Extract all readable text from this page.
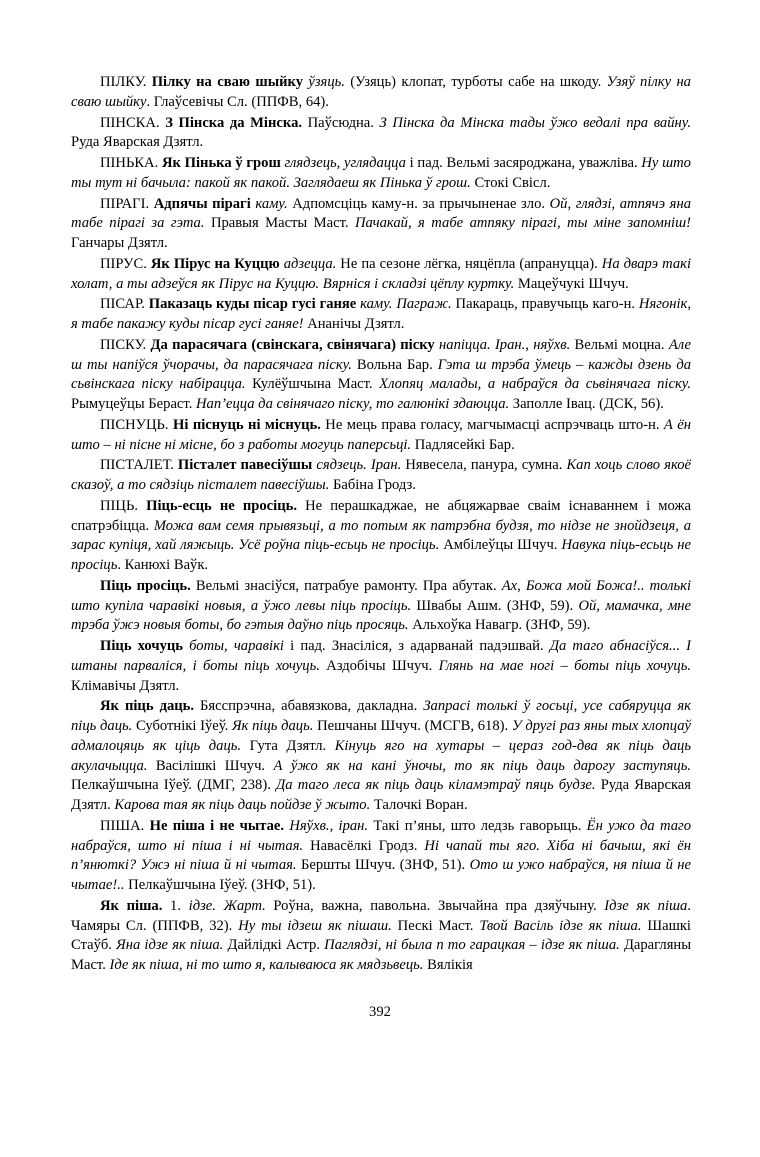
ПІЛКУ. Пілку на сваю шыйку ўзяць. (Узяць) клопат, турботы сабе на шкоду. Узяў пілку на сваю шыйку. Глаўсевічы Сл. (ППФВ, 64).

ПІНСКА. З Пінска да Мінска. Паўсюдна. З Пінска да Мінска тады ўжо ведалі пра вайну. Руда Яварская Дзятл.

ПІНЬКА. Як Пінька ў грош глядзець, углядацца і пад. Вельмі засяроджана, уважліва. Ну што ты тут ні бачыла: пакой як пакой. Заглядаеш як Пінька ў грош. Стокі Свісл.

ПІРАГІ. Адпячы пірагі каму. Адпомсціць каму-н. за прычыненае зло. Ой, глядзі, атпячэ яна табе пірагі за гэта. Правыя Масты Маст. Пачакай, я табе атпяку пірагі, ты міне запомніш! Ганчары Дзятл.

ПІРУС. Як Пірус на Куццю адзецца. Не па сезоне лёгка, няцёпла (апрануцца). На дварэ такі холат, а ты адзеўся як Пірус на Куццю. Вярніся і складзі цёплу куртку. Мацеўчукі Шчуч.

ПІСАР. Паказаць куды пісар гусі ганяе каму. Паграж. Пакараць, правучыць каго-н. Нягонік, я табе пакажу куды пісар гусі ганяе! Ананічы Дзятл.

ПІСКУ. Да парасячага (свінскага, свінячага) піску напіцца. Іран., няўхв. Вельмі моцна. Але ш ты напіўся ўчорачы, да парасячага піску. Вольна Бар. Гэта ш трэба ўмець – кажды дзень да сьвінскага піску набірацца. Кулёўшчына Маст. Хлопяц малады, а набраўся да сьвінячага піску. Рымуцеўцы Бераст. Нап’ецца да свінячаго піску, то галюнікі здаюцца. Заполле Івац. (ДСК, 56).

ПІСНУЦЬ. Ні піснуць ні міснуць. Не мець права голасу, магчымасці аспрэчваць што-н. А ён што – ні пісне ні місне, бо з работы могуць паперсьці. Падлясейкі Бар.

ПІСТАЛЕТ. Пісталет павесіўшы сядзець. Іран. Нявесела, панура, сумна. Кап хоць слово якоё сказоў, а то сядзіць пісталет павесіўшы. Бабіна Гродз.

ПІЦЬ. Піць-есць не просіць. Не перашкаджае, не абцяжарвае сваім існаваннем і можа спатрэбіцца. Можа вам семя прывязьці, а то потым як патрэбна будзя, то нідзе не знойдзеця, а зарас купіця, хай ляжыць. Усё роўна піць-есьць не просіць. Амбілеўцы Шчуч. Навука піць-есьць не просіць. Канюхі Ваўк.

Піць просіць. Вельмі знасіўся, патрабуе рамонту. Пра абутак. Ах, Божа мой Божа!.. толькі што купіла чаравікі новыя, а ўжо левы піць просіць. Швабы Ашм. (ЗНФ, 59). Ой, мамачка, мне трэба ўжэ новыя боты, бо гэтыя даўно піць просяць. Альхоўка Навагр. (ЗНФ, 59).

Піць хочуць боты, чаравікі і пад. Знасіліся, з адарванай падэшвай. Да таго абнасіўся... І штаны парваліся, і боты піць хочуць. Аздобічы Шчуч. Глянь на мае ногі – боты піць хочуць. Клімавічы Дзятл.

Як піць даць. Бясспрэчна, абавязкова, дакладна. Запрасі толькі ў госьці, усе сабяруцца як піць даць. Суботнікі Іўеў. Як піць даць. Пешчаны Шчуч. (МСГВ, 618). У другі раз яны тых хлопцаў адмалоцяць як ціць даць. Гута Дзятл. Кінуць яго на хутары – цераз год-два як піць даць акулачыцца. Васілішкі Шчуч. А ўжо як на кані ўночы, то як піць даць дарогу заступяць. Пелкаўшчына Іўеў. (ДМГ, 238). Да таго леса як піць даць кіламэтраў пяць будзе. Руда Яварская Дзятл. Карова тая як піць даць пойдзе ў жыто. Талочкі Воран.

ПІША. Не піша і не чытае. Няўхв., іран. Такі п’яны, што ледзь гаворыць. Ён ужо да таго набраўся, што ні піша і ні чытая. Навасёлкі Гродз. Ні чапай ты яго. Хіба ні бачыш, які ён п’янюткі? Ужэ ні піша й ні чытая. Бершты Шчуч. (ЗНФ, 51). Ото ш ужо набраўся, ня піша й не чытае!.. Пелкаўшчына Іўеў. (ЗНФ, 51).

Як піша. 1. ідзе. Жарт. Роўна, важна, павольна. Звычайна пра дзяўчыну. Ідзе як піша. Чамяры Сл. (ППФВ, 32). Ну ты ідзеш як пішаш. Пескі Маст. Твой Васіль ідзе як піша. Шашкі Стаўб. Яна ідзе як піша. Дайлідкі Астр. Паглядзі, ні была п то гарацкая – ідзе як піша. Дарагляны Маст. Іде як піша, ні то што я, калываюса як мядзьвець. Вялікія

392
